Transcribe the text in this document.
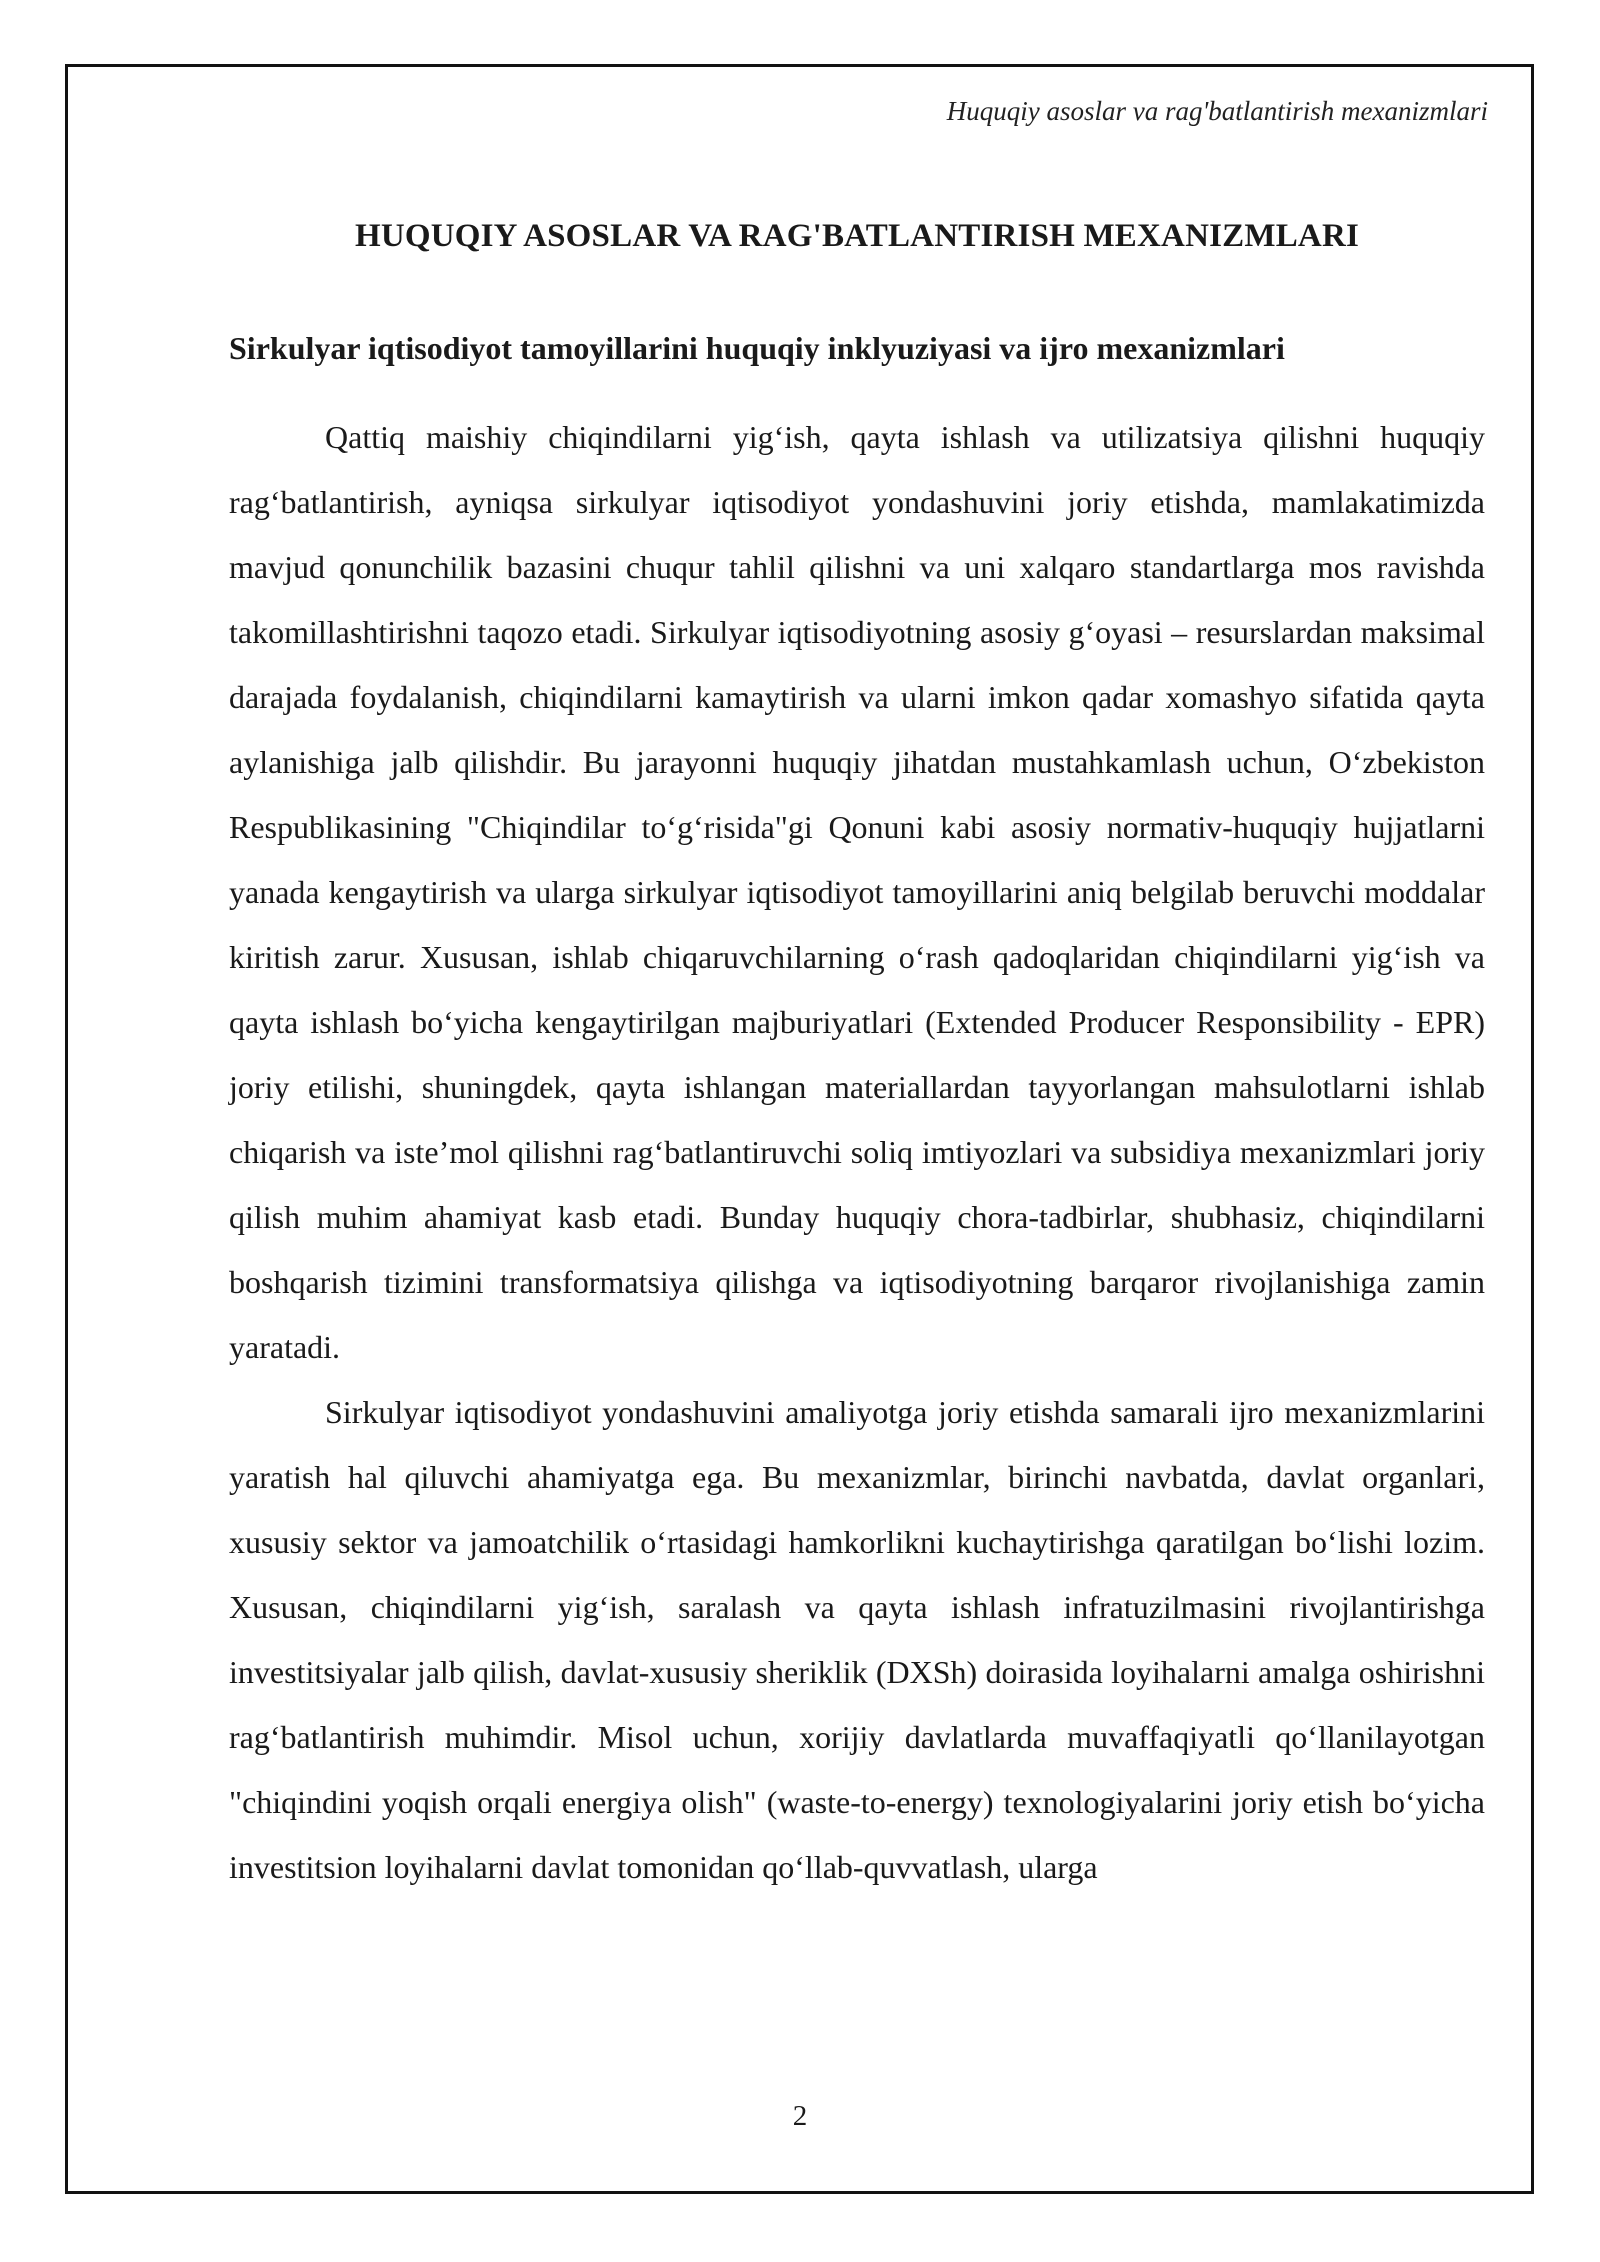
Huquqiy asoslar va rag'batlantirish mexanizmlari
HUQUQIY ASOSLAR VA RAG'BATLANTIRISH MEXANIZMLARI
Sirkulyar iqtisodiyot tamoyillarini huquqiy inklyuziyasi va ijro mexanizmlari

Qattiq maishiy chiqindilarni yig‘ish, qayta ishlash va utilizatsiya qilishni huquqiy rag‘batlantirish, ayniqsa sirkulyar iqtisodiyot yondashuvini joriy etishda, mamlakatimizda mavjud qonunchilik bazasini chuqur tahlil qilishni va uni xalqaro standartlarga mos ravishda takomillashtirishni taqozo etadi. Sirkulyar iqtisodiyotning asosiy g‘oyasi – resurslardan maksimal darajada foydalanish, chiqindilarni kamaytirish va ularni imkon qadar xomashyo sifatida qayta aylanishiga jalb qilishdir. Bu jarayonni huquqiy jihatdan mustahkamlash uchun, O‘zbekiston Respublikasining "Chiqindilar to‘g‘risida"gi Qonuni kabi asosiy normativ-huquqiy hujjatlarni yanada kengaytirish va ularga sirkulyar iqtisodiyot tamoyillarini aniq belgilab beruvchi moddalar kiritish zarur. Xususan, ishlab chiqaruvchilarning o‘rash qadoqlaridan chiqindilarni yig‘ish va qayta ishlash bo‘yicha kengaytirilgan majburiyatlari (Extended Producer Responsibility - EPR) joriy etilishi, shuningdek, qayta ishlangan materiallardan tayyorlangan mahsulotlarni ishlab chiqarish va iste’mol qilishni rag‘batlantiruvchi soliq imtiyozlari va subsidiya mexanizmlari joriy qilish muhim ahamiyat kasb etadi. Bunday huquqiy chora-tadbirlar, shubhasiz, chiqindilarni boshqarish tizimini transformatsiya qilishga va iqtisodiyotning barqaror rivojlanishiga zamin yaratadi.

Sirkulyar iqtisodiyot yondashuvini amaliyotga joriy etishda samarali ijro mexanizmlarini yaratish hal qiluvchi ahamiyatga ega. Bu mexanizmlar, birinchi navbatda, davlat organlari, xususiy sektor va jamoatchilik o‘rtasidagi hamkorlikni kuchaytirishga qaratilgan bo‘lishi lozim. Xususan, chiqindilarni yig‘ish, saralash va qayta ishlash infratuzilmasini rivojlantirishga investitsiyalar jalb qilish, davlat-xususiy sheriklik (DXSh) doirasida loyihalarni amalga oshirishni rag‘batlantirish muhimdir. Misol uchun, xorijiy davlatlarda muvaffaqiyatli qo‘llanilayotgan "chiqindini yoqish orqali energiya olish" (waste-to-energy) texnologiyalarini joriy etish bo‘yicha investitsion loyihalarni davlat tomonidan qo‘llab-quvvatlash, ularga

2
